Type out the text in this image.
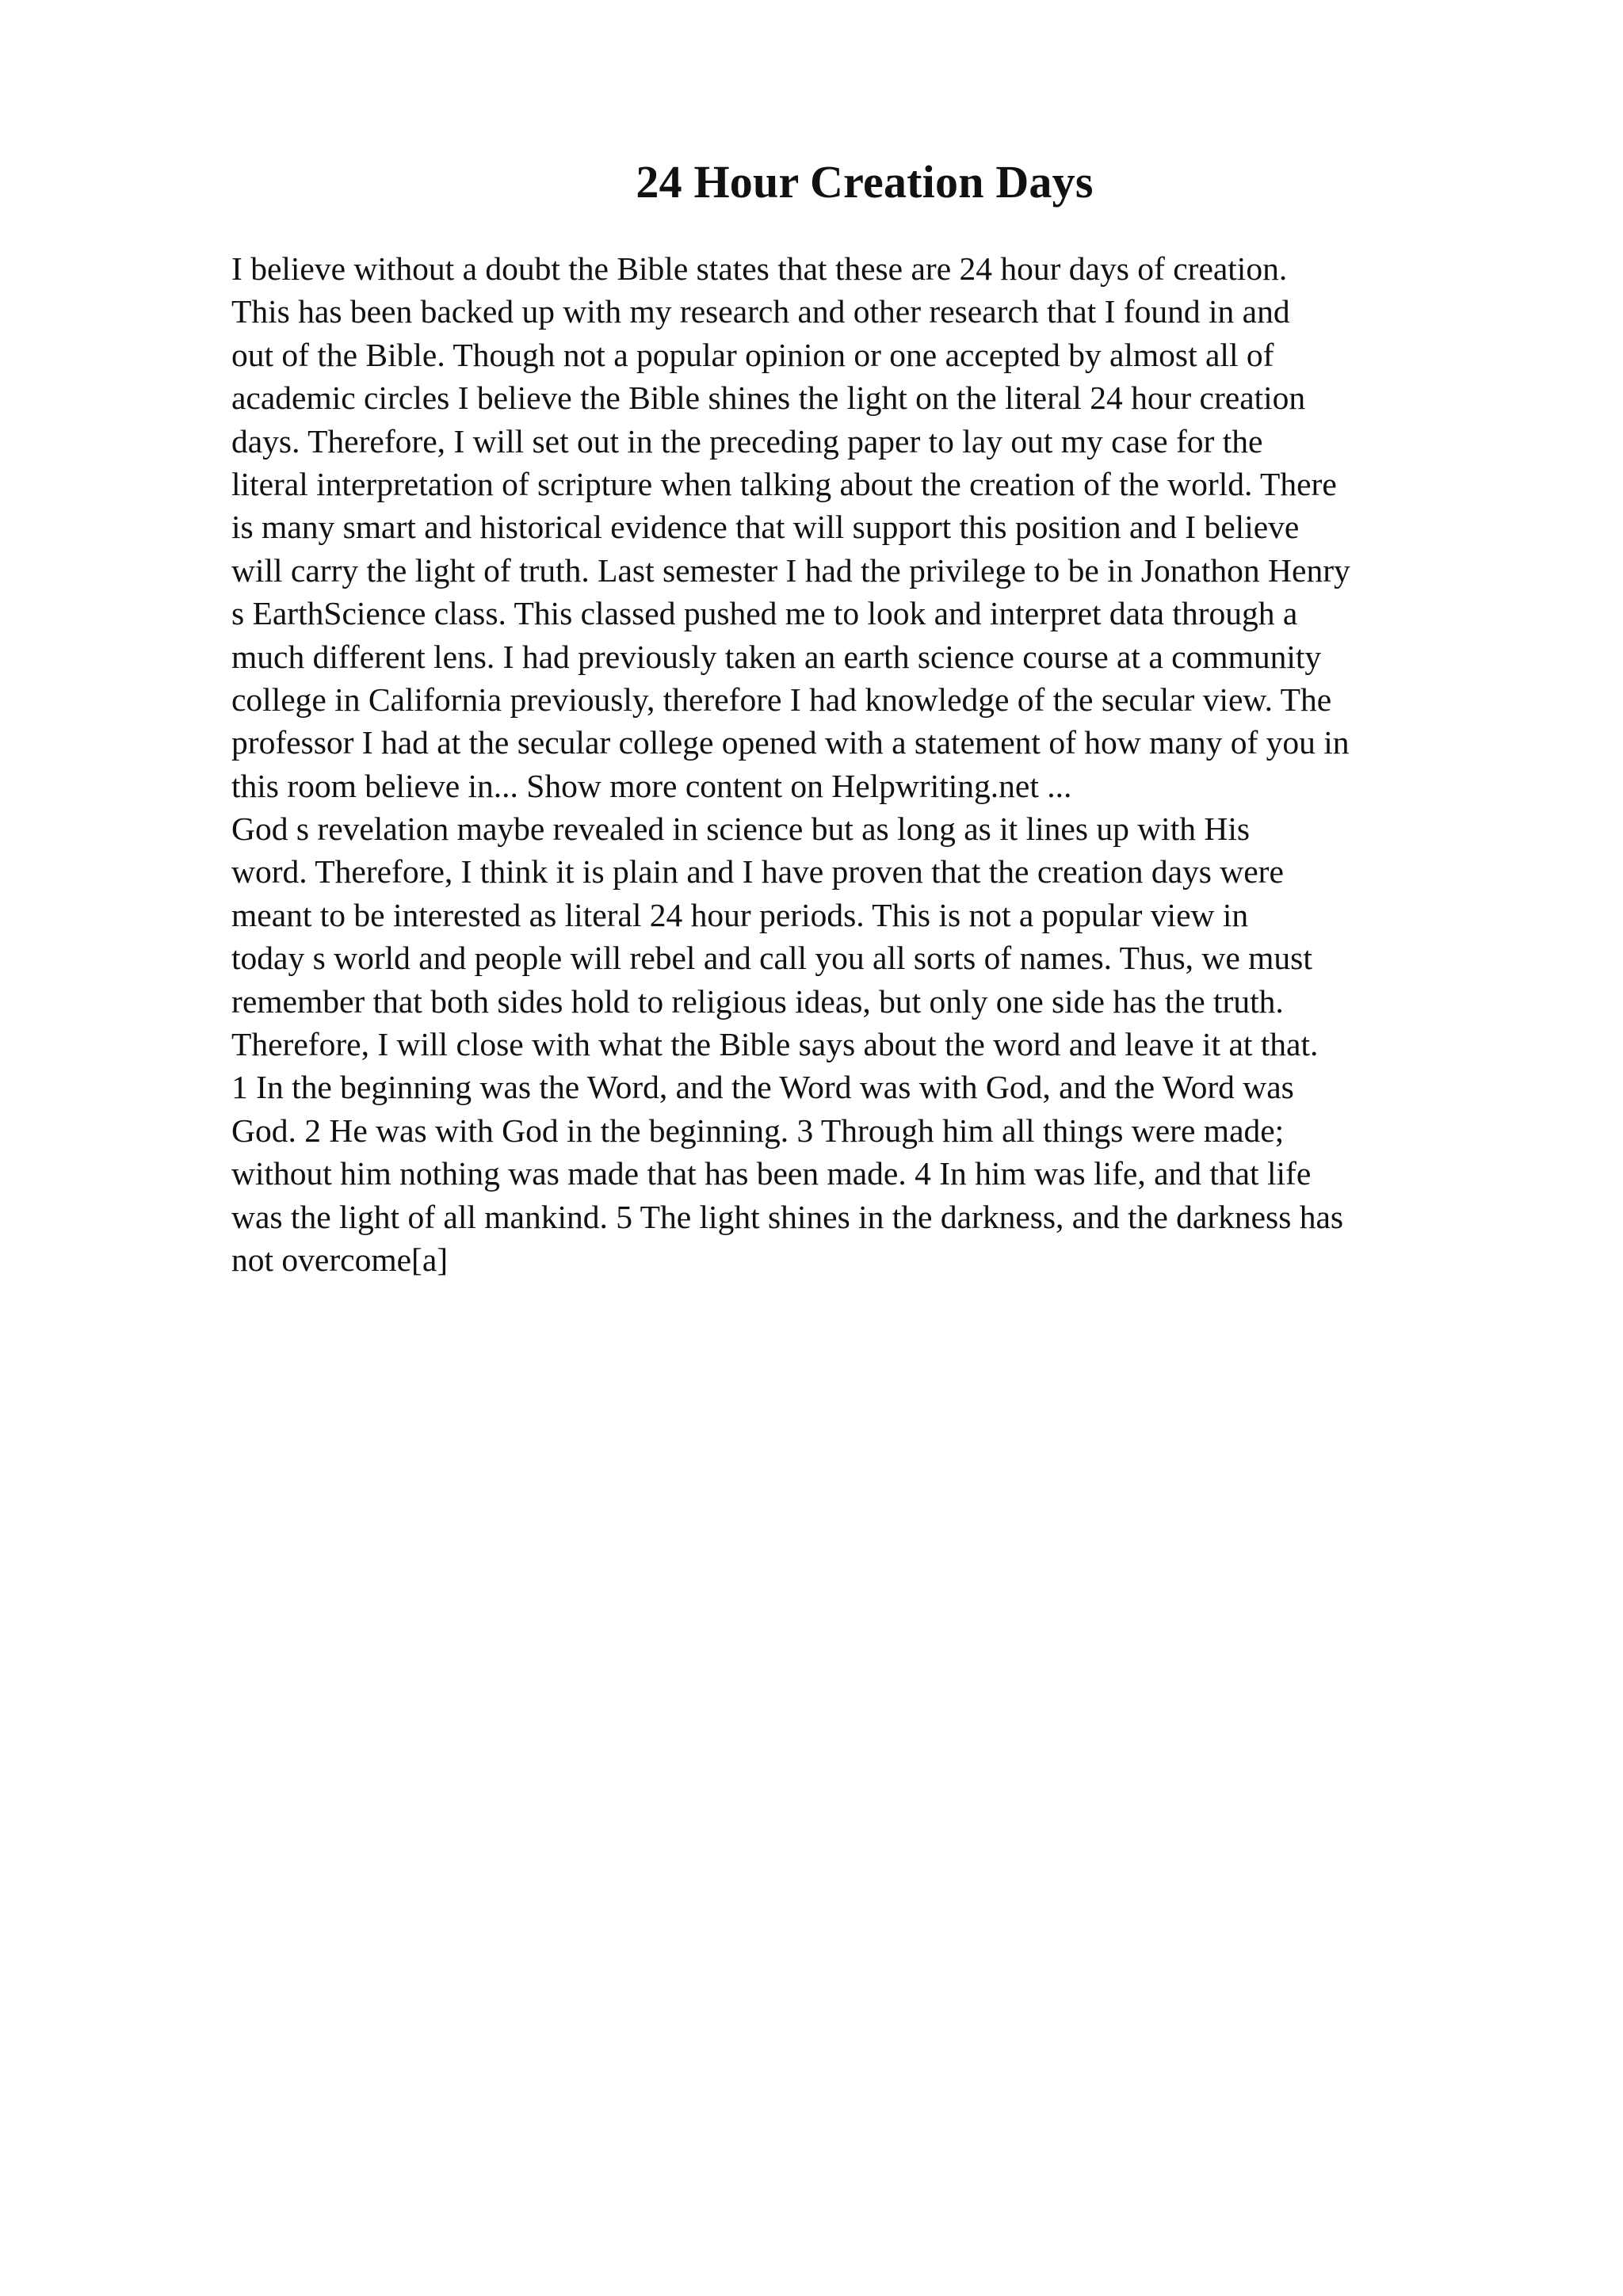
24 Hour Creation Days
I believe without a doubt the Bible states that these are 24 hour days of creation.
This has been backed up with my research and other research that I found in and
out of the Bible. Though not a popular opinion or one accepted by almost all of
academic circles I believe the Bible shines the light on the literal 24 hour creation
days. Therefore, I will set out in the preceding paper to lay out my case for the
literal interpretation of scripture when talking about the creation of the world. There
is many smart and historical evidence that will support this position and I believe
will carry the light of truth. Last semester I had the privilege to be in Jonathon Henry
s EarthScience class. This classed pushed me to look and interpret data through a
much different lens. I had previously taken an earth science course at a community
college in California previously, therefore I had knowledge of the secular view. The
professor I had at the secular college opened with a statement of how many of you in
this room believe in... Show more content on Helpwriting.net ...
God s revelation maybe revealed in science but as long as it lines up with His
word. Therefore, I think it is plain and I have proven that the creation days were
meant to be interested as literal 24 hour periods. This is not a popular view in
today s world and people will rebel and call you all sorts of names. Thus, we must
remember that both sides hold to religious ideas, but only one side has the truth.
Therefore, I will close with what the Bible says about the word and leave it at that.
1 In the beginning was the Word, and the Word was with God, and the Word was
God. 2 He was with God in the beginning. 3 Through him all things were made;
without him nothing was made that has been made. 4 In him was life, and that life
was the light of all mankind. 5 The light shines in the darkness, and the darkness has
not overcome[a]
